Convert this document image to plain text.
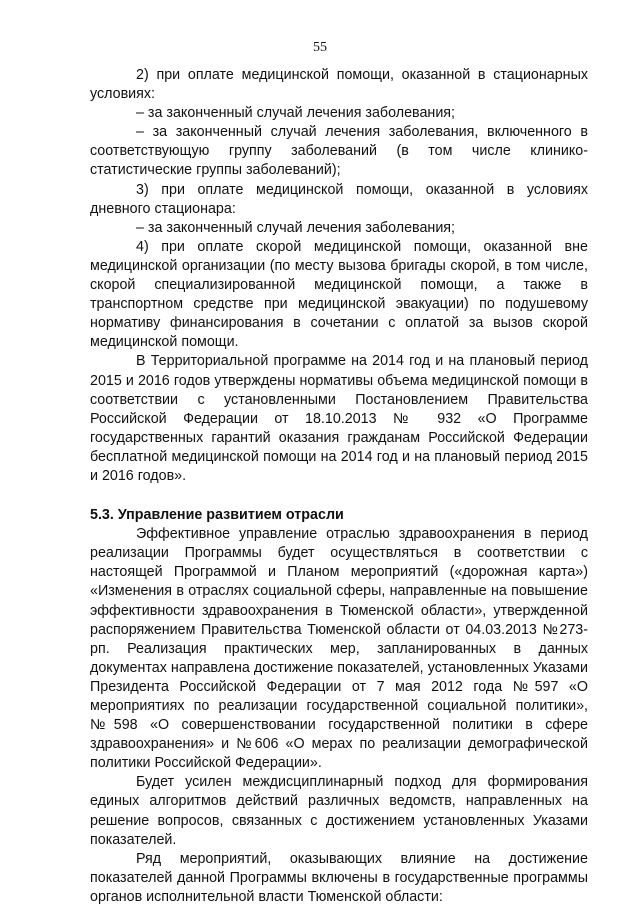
55

2) при оплате медицинской помощи, оказанной в стационарных условиях:

– за законченный случай лечения заболевания;

– за законченный случай лечения заболевания, включенного в соответствующую группу заболеваний (в том числе клинико-статистические группы заболеваний);

3) при оплате медицинской помощи, оказанной в условиях дневного стационара:

– за законченный случай лечения заболевания;

4) при оплате скорой медицинской помощи, оказанной вне медицинской организации (по месту вызова бригады скорой, в том числе, скорой специализированной медицинской помощи, а также в транспортном средстве при медицинской эвакуации) по подушевому нормативу финансирования в сочетании с оплатой за вызов скорой медицинской помощи.

В Территориальной программе на 2014 год и на плановый период 2015 и 2016 годов утверждены нормативы объема медицинской помощи в соответствии с установленными Постановлением Правительства Российской Федерации от 18.10.2013 № 932 «О Программе государственных гарантий оказания гражданам Российской Федерации бесплатной медицинской помощи на 2014 год и на плановый период 2015 и 2016 годов».

5.3. Управление развитием отрасли

Эффективное управление отраслью здравоохранения в период реализации Программы будет осуществляться в соответствии с настоящей Программой и Планом мероприятий («дорожная карта») «Изменения в отраслях социальной сферы, направленные на повышение эффективности здравоохранения в Тюменской области», утвержденной распоряжением Правительства Тюменской области от 04.03.2013 №273-рп. Реализация практических мер, запланированных в данных документах направлена достижение показателей, установленных Указами Президента Российской Федерации от 7 мая 2012 года №597 «О мероприятиях по реализации государственной социальной политики», №598 «О совершенствовании государственной политики в сфере здравоохранения» и №606 «О мерах по реализации демографической политики Российской Федерации».

Будет усилен междисциплинарный подход для формирования единых алгоритмов действий различных ведомств, направленных на решение вопросов, связанных с достижением установленных Указами показателей.

Ряд мероприятий, оказывающих влияние на достижение показателей данной Программы включены в государственные программы органов исполнительной власти Тюменской области:
